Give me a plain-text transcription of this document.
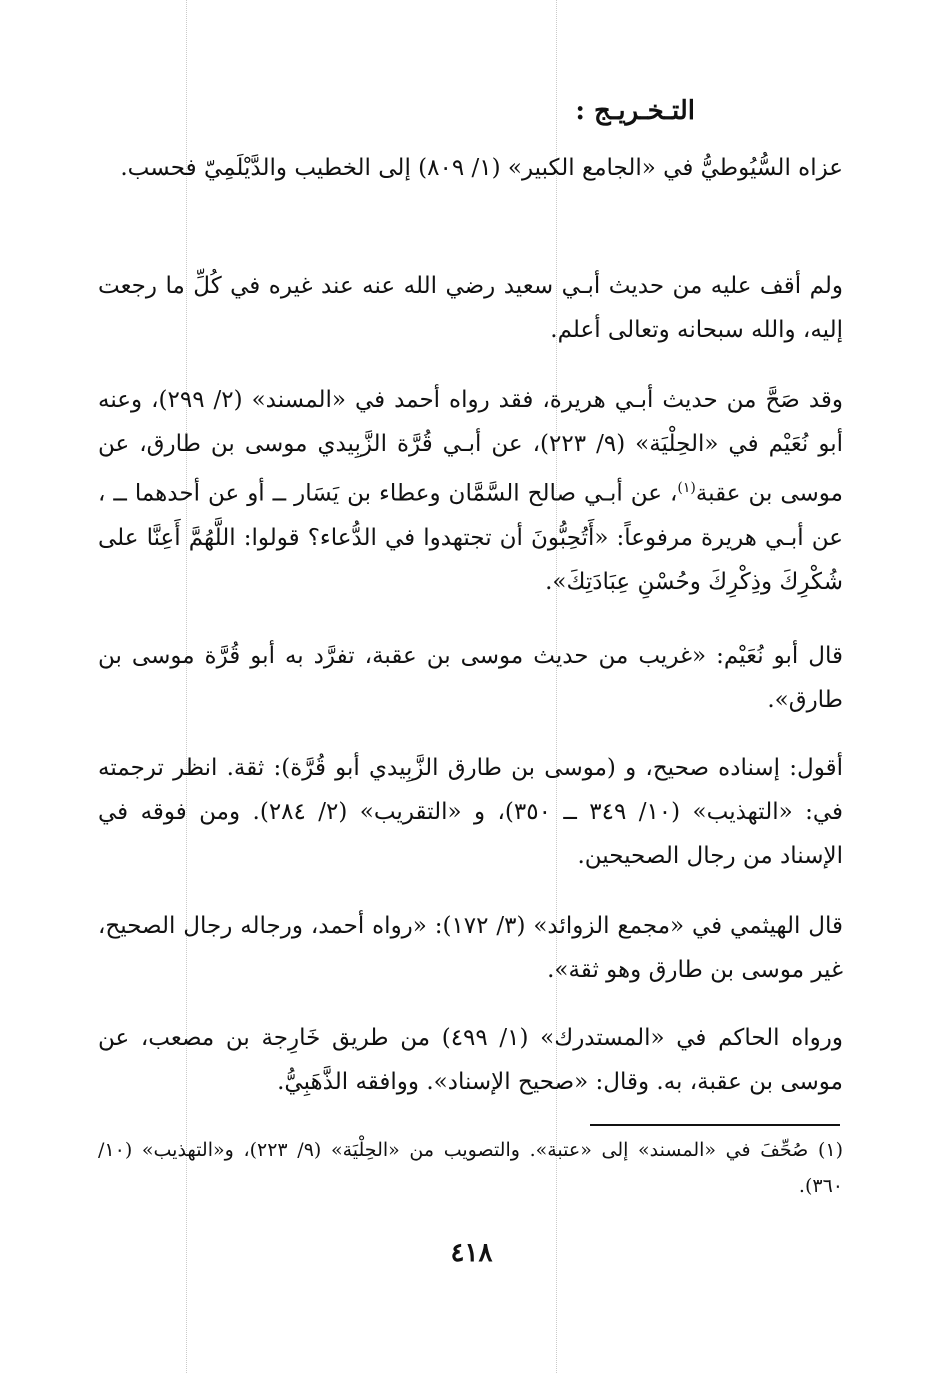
التـخـريـج :

عزاه السُّيُوطيُّ في «الجامع الكبير» (١/ ٨٠٩) إلى الخطيب والدَّيْلَمِيّ فحسب.

ولم أقف عليه من حديث أبـي سعيد رضي الله عنه عند غيره في كُلِّ ما رجعت إليه، والله سبحانه وتعالى أعلم.

وقد صَحَّ من حديث أبـي هريرة، فقد رواه أحمد في «المسند» (٢/ ٢٩٩)، وعنه أبو نُعَيْم في «الحِلْيَة» (٩/ ٢٢٣)، عن أبـي قُرَّة الزَّبِيدي موسى بن طارق، عن موسى بن عقبة$^{(١)}$، عن أبـي صالح السَّمَّان وعطاء بن يَسَار ــ أو عن أحدهما ــ ، عن أبـي هريرة مرفوعاً: «أَتُحِبُّونَ أن تجتهدوا في الدُّعاء؟ قولوا: اللَّهُمَّ أَعِنَّا على شُكْرِكَ وذِكْرِكَ وحُسْنِ عِبَادَتِكَ».

قال أبو نُعَيْم: «غريب من حديث موسى بن عقبة، تفرَّد به أبو قُرَّة موسى بن طارق».

أقول: إسناده صحيح، و (موسى بن طارق الزَّبِيدي أبو قُرَّة): ثقة. انظر ترجمته في: «التهذيب» (١٠/ ٣٤٩ ــ ٣٥٠)، و «التقريب» (٢/ ٢٨٤). ومن فوقه في الإسناد من رجال الصحيحين.

قال الهيثمي في «مجمع الزوائد» (٣/ ١٧٢): «رواه أحمد، ورجاله رجال الصحيح، غير موسى بن طارق وهو ثقة».

ورواه الحاكم في «المستدرك» (١/ ٤٩٩) من طريق خَارِجة بن مصعب، عن موسى بن عقبة، به. وقال: «صحيح الإسناد». ووافقه الذَّهَبِيُّ.

(١) صُحِّفَ في «المسند» إلى «عتبة». والتصويب من «الحِلْيَة» (٩/ ٢٢٣)، و«التهذيب» (١٠/ ٣٦٠).

٤١٨
